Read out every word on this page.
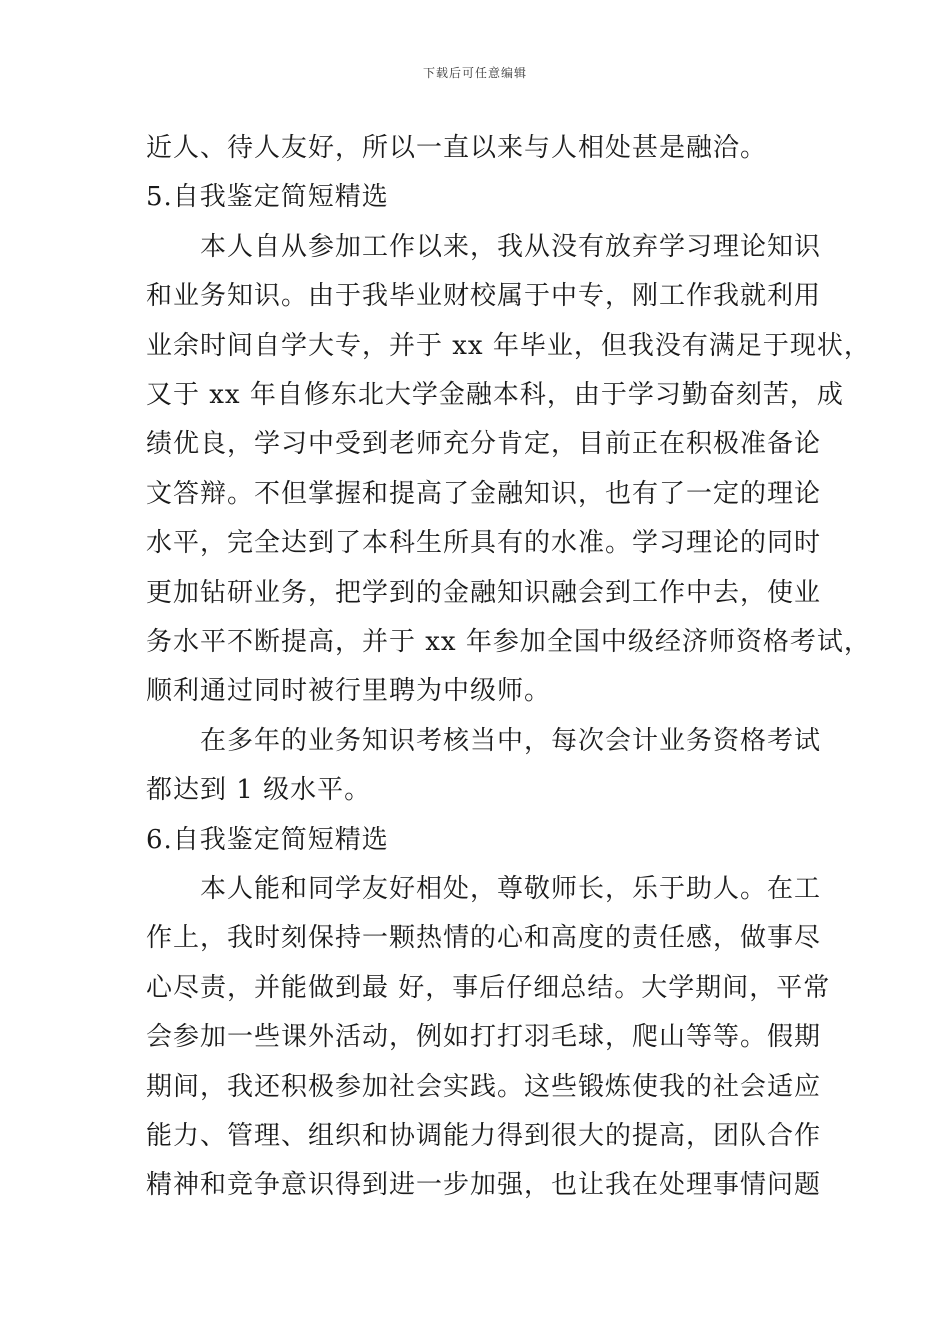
下载后可任意编辑
近人、待人友好，所以一直以来与人相处甚是融洽。
5.自我鉴定简短精选
本人自从参加工作以来，我从没有放弃学习理论知识
和业务知识。由于我毕业财校属于中专，刚工作我就利用
业余时间自学大专，并于 xx 年毕业，但我没有满足于现状，
又于 xx 年自修东北大学金融本科，由于学习勤奋刻苦，成
绩优良，学习中受到老师充分肯定，目前正在积极准备论
文答辩。不但掌握和提高了金融知识，也有了一定的理论
水平，完全达到了本科生所具有的水准。学习理论的同时
更加钻研业务，把学到的金融知识融会到工作中去，使业
务水平不断提高，并于 xx 年参加全国中级经济师资格考试，
顺利通过同时被行里聘为中级师。
在多年的业务知识考核当中，每次会计业务资格考试
都达到 1 级水平。
6.自我鉴定简短精选
本人能和同学友好相处，尊敬师长，乐于助人。在工
作上，我时刻保持一颗热情的心和高度的责任感，做事尽
心尽责，并能做到最 好，事后仔细总结。大学期间，平常
会参加一些课外活动，例如打打羽毛球，爬山等等。假期
期间，我还积极参加社会实践。这些锻炼使我的社会适应
能力、管理、组织和协调能力得到很大的提高，团队合作
精神和竞争意识得到进一步加强，也让我在处理事情问题
